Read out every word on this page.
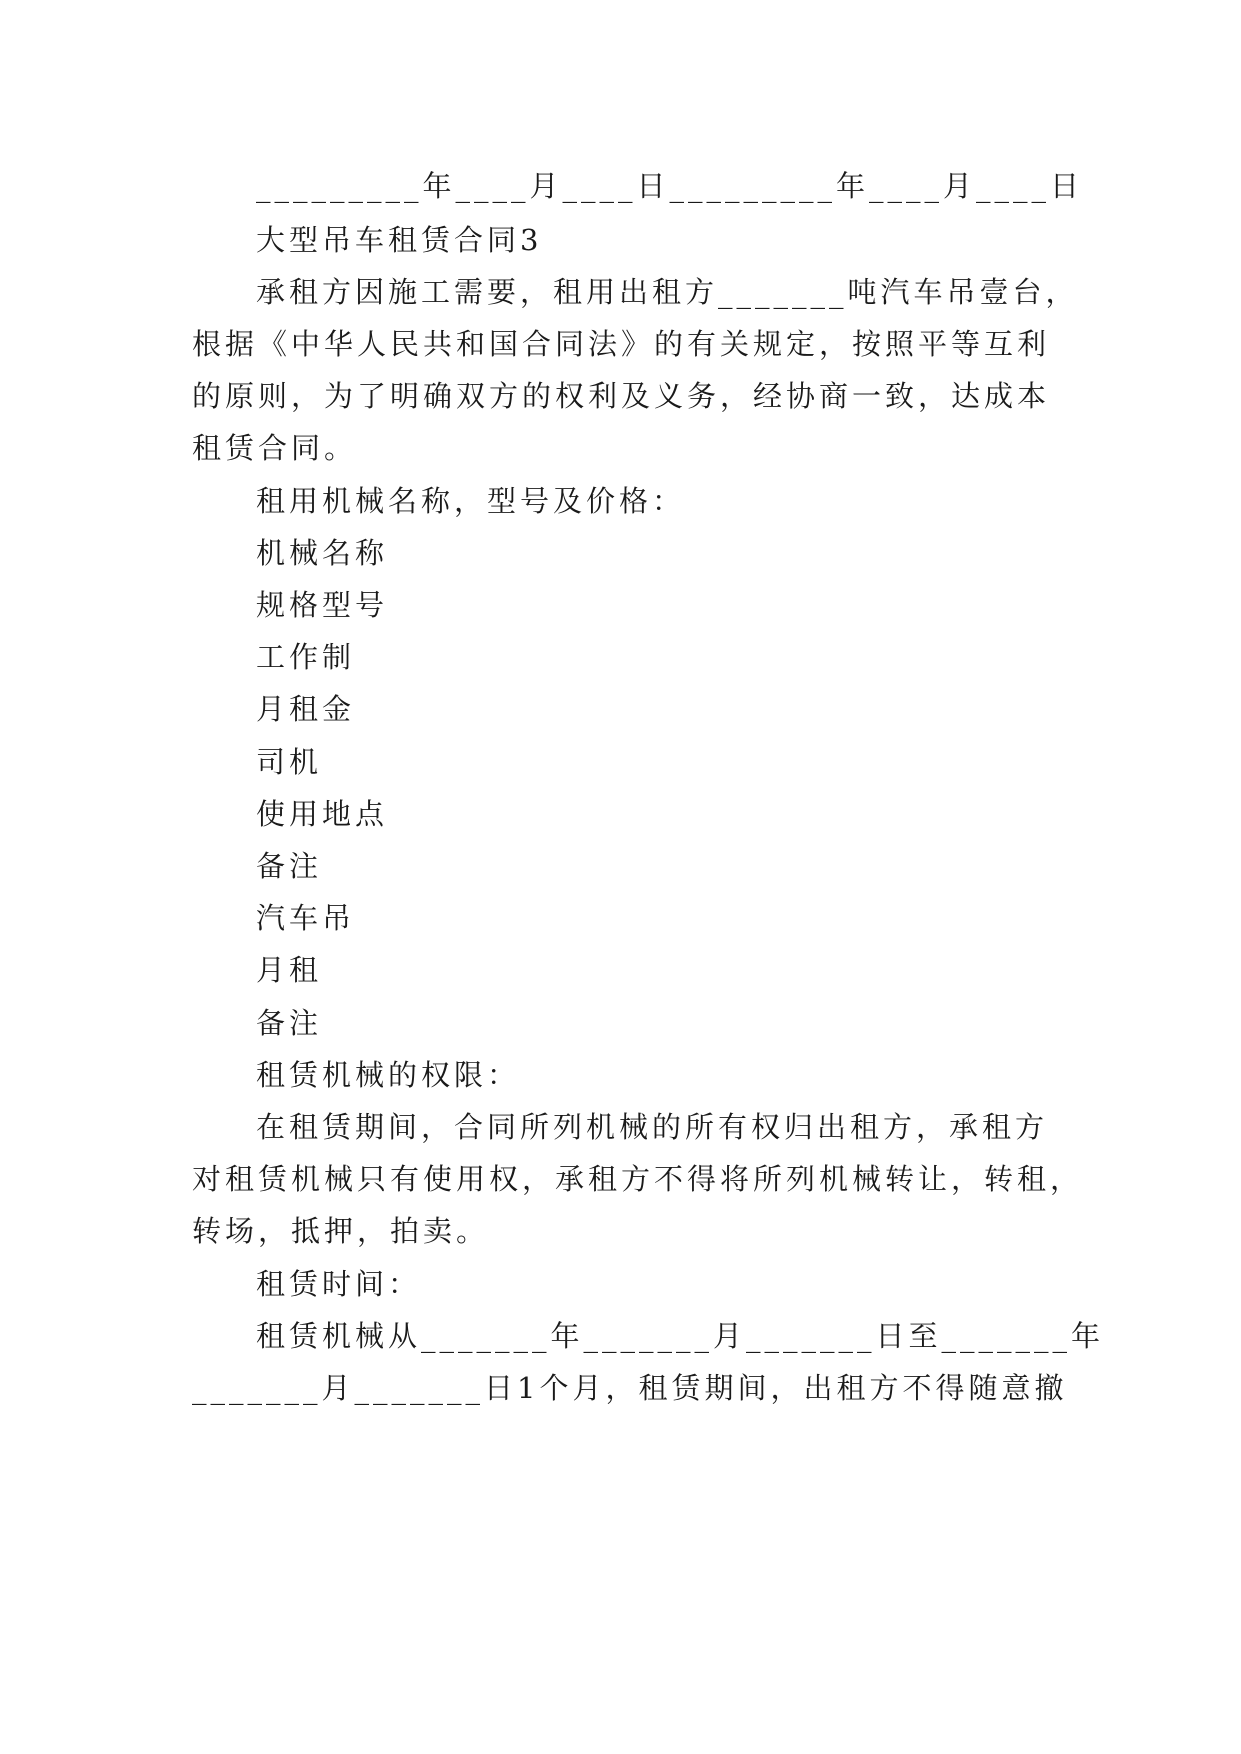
_________年____月____日_________年____月____日

大型吊车租赁合同3

承租方因施工需要，租用出租方_______吨汽车吊壹台，

根据《中华人民共和国合同法》的有关规定，按照平等互利

的原则，为了明确双方的权利及义务，经协商一致，达成本

租赁合同。

租用机械名称，型号及价格：

机械名称

规格型号

工作制

月租金

司机

使用地点

备注

汽车吊

月租

备注

租赁机械的权限：

在租赁期间，合同所列机械的所有权归出租方，承租方

对租赁机械只有使用权，承租方不得将所列机械转让，转租，

转场，抵押，拍卖。

租赁时间：

租赁机械从_______年_______月_______日至_______年

_______月_______日1个月，租赁期间，出租方不得随意撤
